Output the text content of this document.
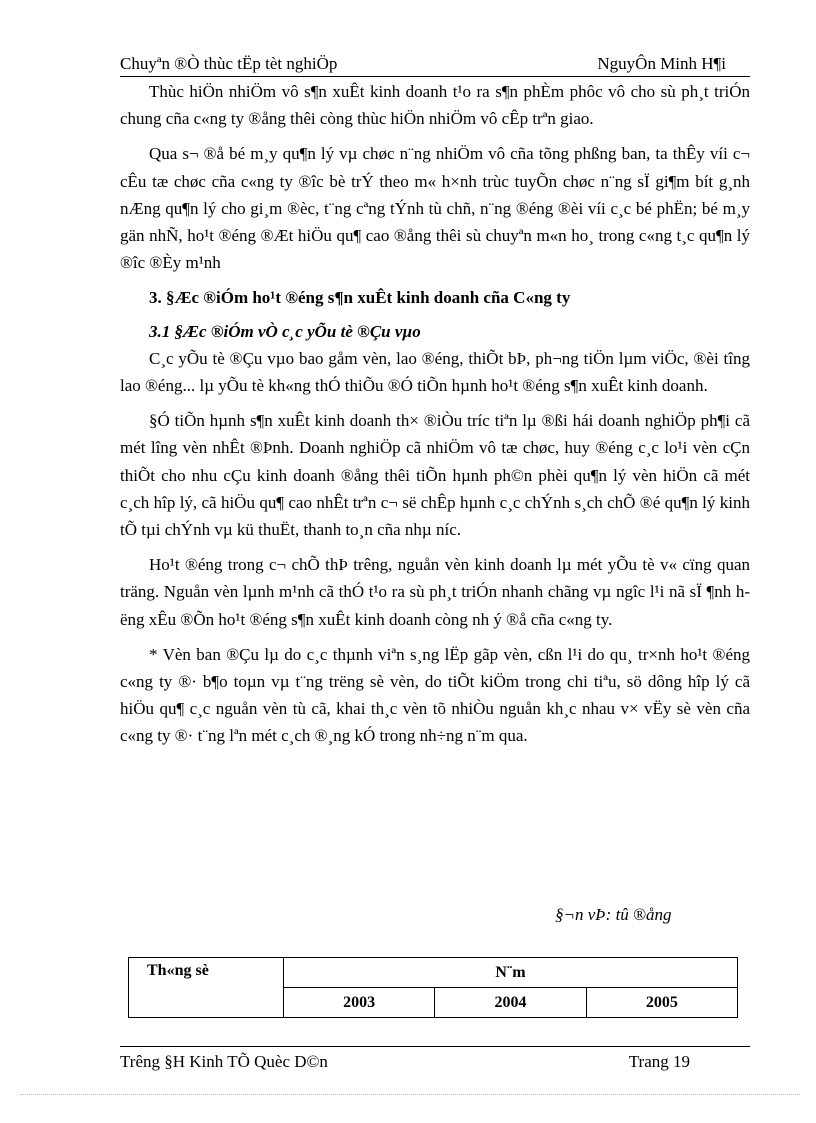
Chuyªn ®Ò thùc tËp tèt nghiÖp	NguyÔn Minh H¶i

Thùc hiÖn nhiÖm vô s¶n xuÊt kinh doanh t¹o ra s¶n phÈm phôc vô cho sù ph¸t triÓn chung cña c«ng ty ®ång thêi còng thùc hiÖn nhiÖm vô cÊp trªn giao.

Qua s¬ ®å bé m¸y qu¶n lý vµ chøc n¨ng nhiÖm vô cña tõng phßng ban, ta thÊy víi c¬ cÊu tæ chøc cña c«ng ty ®îc bè trÝ theo m« h×nh trùc tuyÕn chøc n¨ng sÏ gi¶m bít g¸nh nÆng qu¶n lý cho gi¸m ®èc, t¨ng cªng tÝnh tù chñ, n¨ng ®éng ®èi víi c¸c bé phËn; bé m¸y gän nhÑ, ho¹t ®éng ®Æt hiÖu qu¶ cao ®ång thêi sù chuyªn m«n ho¸ trong c«ng t¸c qu¶n lý ®îc ®Èy m¹nh

3. §Æc ®iÓm ho¹t ®éng s¶n xuÊt kinh doanh cña C«ng ty
3.1 §Æc ®iÓm vÒ c¸c yÕu tè ®Çu vµo

C¸c yÕu tè ®Çu vµo bao gåm vèn, lao ®éng, thiÕt bÞ, ph¬ng tiÖn lµm viÖc, ®èi tîng lao ®éng... lµ yÕu tè kh«ng thÓ thiÕu ®Ó tiÕn hµnh ho¹t ®éng s¶n xuÊt kinh doanh.

§Ó tiÕn hµnh s¶n xuÊt kinh doanh th× ®iÒu tríc tiªn lµ ®ßi hái doanh nghiÖp ph¶i cã mét lîng vèn nhÊt ®Þnh. Doanh nghiÖp cã nhiÖm vô tæ chøc, huy ®éng c¸c lo¹i vèn cÇn thiÕt cho nhu cÇu kinh doanh ®ång thêi tiÕn hµnh ph©n phèi qu¶n lý vèn hiÖn cã mét c¸ch hîp lý, cã hiÖu qu¶ cao nhÊt trªn c¬ së chÊp hµnh c¸c chÝnh s¸ch chÕ ®é qu¶n lý kinh tÕ tµi chÝnh vµ kü thuËt, thanh to¸n cña nhµ níc.

Ho¹t ®éng trong c¬ chÕ thÞ trêng, nguån vèn kinh doanh lµ mét yÕu tè v« cïng quan träng. Nguån vèn lµnh m¹nh cã thÓ t¹o ra sù ph¸t triÓn nhanh chãng vµ ngîc l¹i nã sÏ ¶nh hëng xÊu ®Õn ho¹t ®éng s¶n xuÊt kinh doanh còng nh ý ®å cña c«ng ty.

* Vèn ban ®Çu lµ do c¸c thµnh viªn s¸ng lËp gãp vèn, cßn l¹i do qu¸ tr×nh ho¹t ®éng c«ng ty ®· b¶o toµn vµ t¨ng trëng sè vèn, do tiÕt kiÖm trong chi tiªu, sö dông hîp lý cã hiÖu qu¶ c¸c nguån vèn tù cã, khai th¸c vèn tõ nhiÒu nguån kh¸c nhau v× vËy sè vèn cña c«ng ty ®· t¨ng lªn mét c¸ch ®¸ng kÓ trong nh÷ng n¨m qua.

§¬n vÞ: tû ®ång
Th«ng sè	N¨m		
	2003	2004	2005
Trêng §H Kinh TÕ Quèc D©n	Trang 19
